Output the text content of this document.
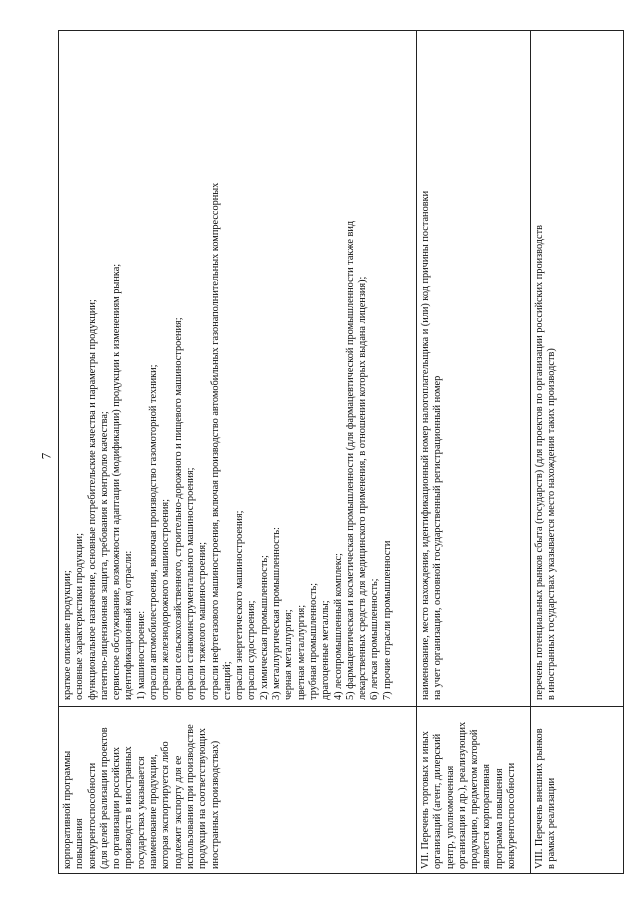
7
корпоративной программы повышения конкурентоспособности (для целей реализации проектов по организации российских производств в иностранных государствах указывается наименование продукции, которая экспортируется либо подлежит экспорту для ее использования при производстве продукции на соответствующих иностранных производствах)
краткое описание продукции; основные характеристики продукции; функциональное назначение, основные потребительские качества и параметры продукции; патентно-лицензионная защита, требования к контролю качества; сервисное обслуживание, возможности адаптации (модификации) продукции к изменениям рынка; идентификационный код отрасли: 1) машиностроение: отрасли автомобилестроения, включая производство газомоторной техники; отрасли железнодорожного машиностроения; отрасли сельскохозяйственного, строительно-дорожного и пищевого машиностроения; отрасли станкоинструментального машиностроения; отрасли тяжелого машиностроения; отрасли нефтегазового машиностроения, включая производство автомобильных газонаполнительных компрессорных станций; отрасли энергетического машиностроения; отрасли судостроения; 2) химическая промышленность; 3) металлургическая промышленность: черная металлургия; цветная металлургия; трубная промышленность; драгоценные металлы; 4) лесопромышленный комплекс; 5) фармацевтическая и косметическая промышленности (для фармацевтической промышленности также вид лекарственных средств для медицинского применения, в отношении которых выдана лицензия); 6) легкая промышленность; 7) прочие отрасли промышленности
VII. Перечень торговых и иных организаций (агент, дилерский центр, уполномоченная организация и др.), реализующих продукцию, предметом которой является корпоративная программа повышения конкурентоспособности
наименование, место нахождения, идентификационный номер налогоплательщика и (или) код причины постановки на учет организации, основной государственный регистрационный номер
VIII. Перечень внешних рынков в рамках реализации
перечень потенциальных рынков сбыта (государств) (для проектов по организации российских производств в иностранных государствах указывается место нахождения таких производств)
